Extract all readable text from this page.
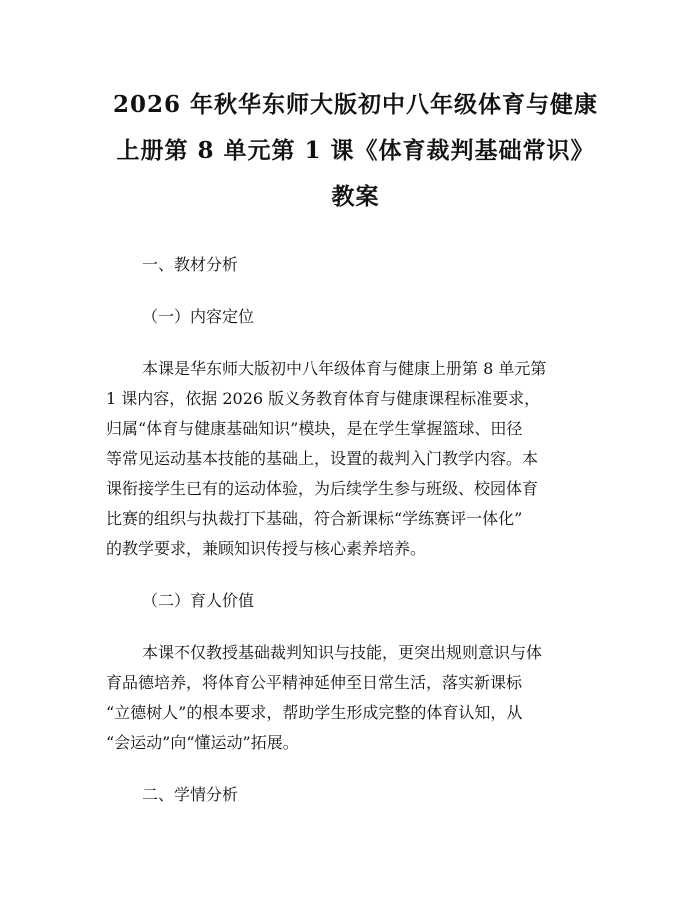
2026 年秋华东师大版初中八年级体育与健康
上册第 8 单元第 1 课《体育裁判基础常识》
教案

一、教材分析

（一）内容定位

本课是华东师大版初中八年级体育与健康上册第 8 单元第
1 课内容，依据 2026 版义务教育体育与健康课程标准要求，
归属“体育与健康基础知识”模块，是在学生掌握篮球、田径
等常见运动基本技能的基础上，设置的裁判入门教学内容。本
课衔接学生已有的运动体验，为后续学生参与班级、校园体育
比赛的组织与执裁打下基础，符合新课标“学练赛评一体化”
的教学要求，兼顾知识传授与核心素养培养。

（二）育人价值

本课不仅教授基础裁判知识与技能，更突出规则意识与体
育品德培养，将体育公平精神延伸至日常生活，落实新课标
“立德树人”的根本要求，帮助学生形成完整的体育认知，从
“会运动”向“懂运动”拓展。

二、学情分析
